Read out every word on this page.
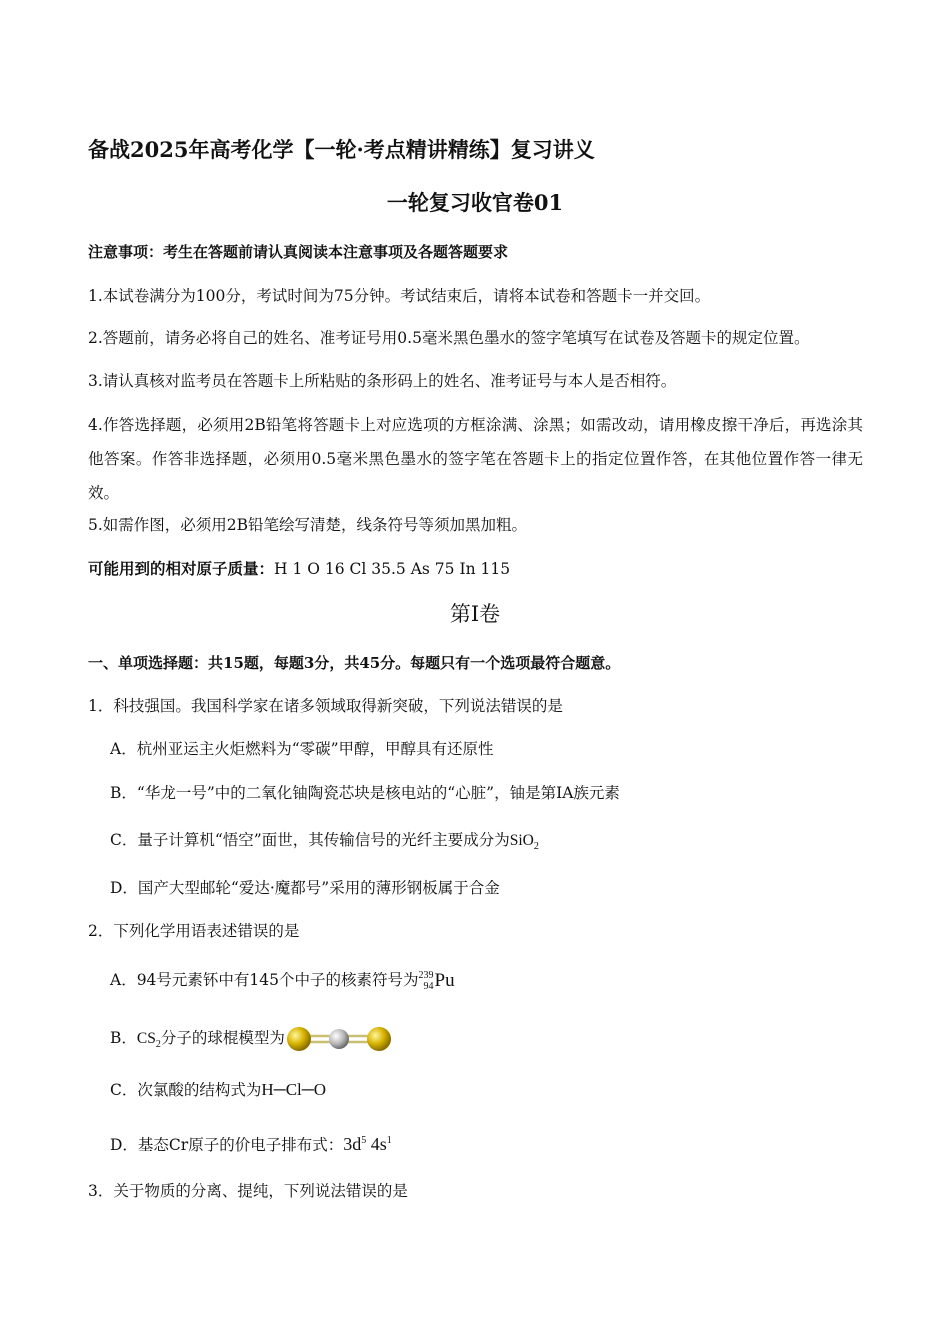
备战2025年高考化学【一轮·考点精讲精练】复习讲义
一轮复习收官卷01
注意事项：考生在答题前请认真阅读本注意事项及各题答题要求
1.本试卷满分为100分，考试时间为75分钟。考试结束后，请将本试卷和答题卡一并交回。
2.答题前，请务必将自己的姓名、准考证号用0.5毫米黑色墨水的签字笔填写在试卷及答题卡的规定位置。
3.请认真核对监考员在答题卡上所粘贴的条形码上的姓名、准考证号与本人是否相符。
4.作答选择题，必须用2B铅笔将答题卡上对应选项的方框涂满、涂黑；如需改动，请用橡皮擦干净后，再选涂其他答案。作答非选择题，必须用0.5毫米黑色墨水的签字笔在答题卡上的指定位置作答，在其他位置作答一律无效。
5.如需作图，必须用2B铅笔绘写清楚，线条符号等须加黑加粗。
可能用到的相对原子质量：H 1 O 16 Cl 35.5 As 75 In 115
第Ⅰ卷
一、单项选择题：共15题，每题3分，共45分。每题只有一个选项最符合题意。
1．科技强国。我国科学家在诸多领域取得新突破，下列说法错误的是
A．杭州亚运主火炬燃料为“零碳”甲醇，甲醇具有还原性
B．“华龙一号”中的二氧化铀陶瓷芯块是核电站的“心脏”，铀是第IA族元素
C．量子计算机“悟空”面世，其传输信号的光纤主要成分为SiO$_2$
D．国产大型邮轮“爱达·魔都号”采用的薄形钢板属于合金
2．下列化学用语表述错误的是
A．94号元素钚中有145个中子的核素符号为239
94Pu
B．$CS_2$分子的球棍模型为
C．次氯酸的结构式为H─Cl─O
D．基态Cr原子的价电子排布式：$3d^5$ $4s^1$
3．关于物质的分离、提纯，下列说法错误的是
